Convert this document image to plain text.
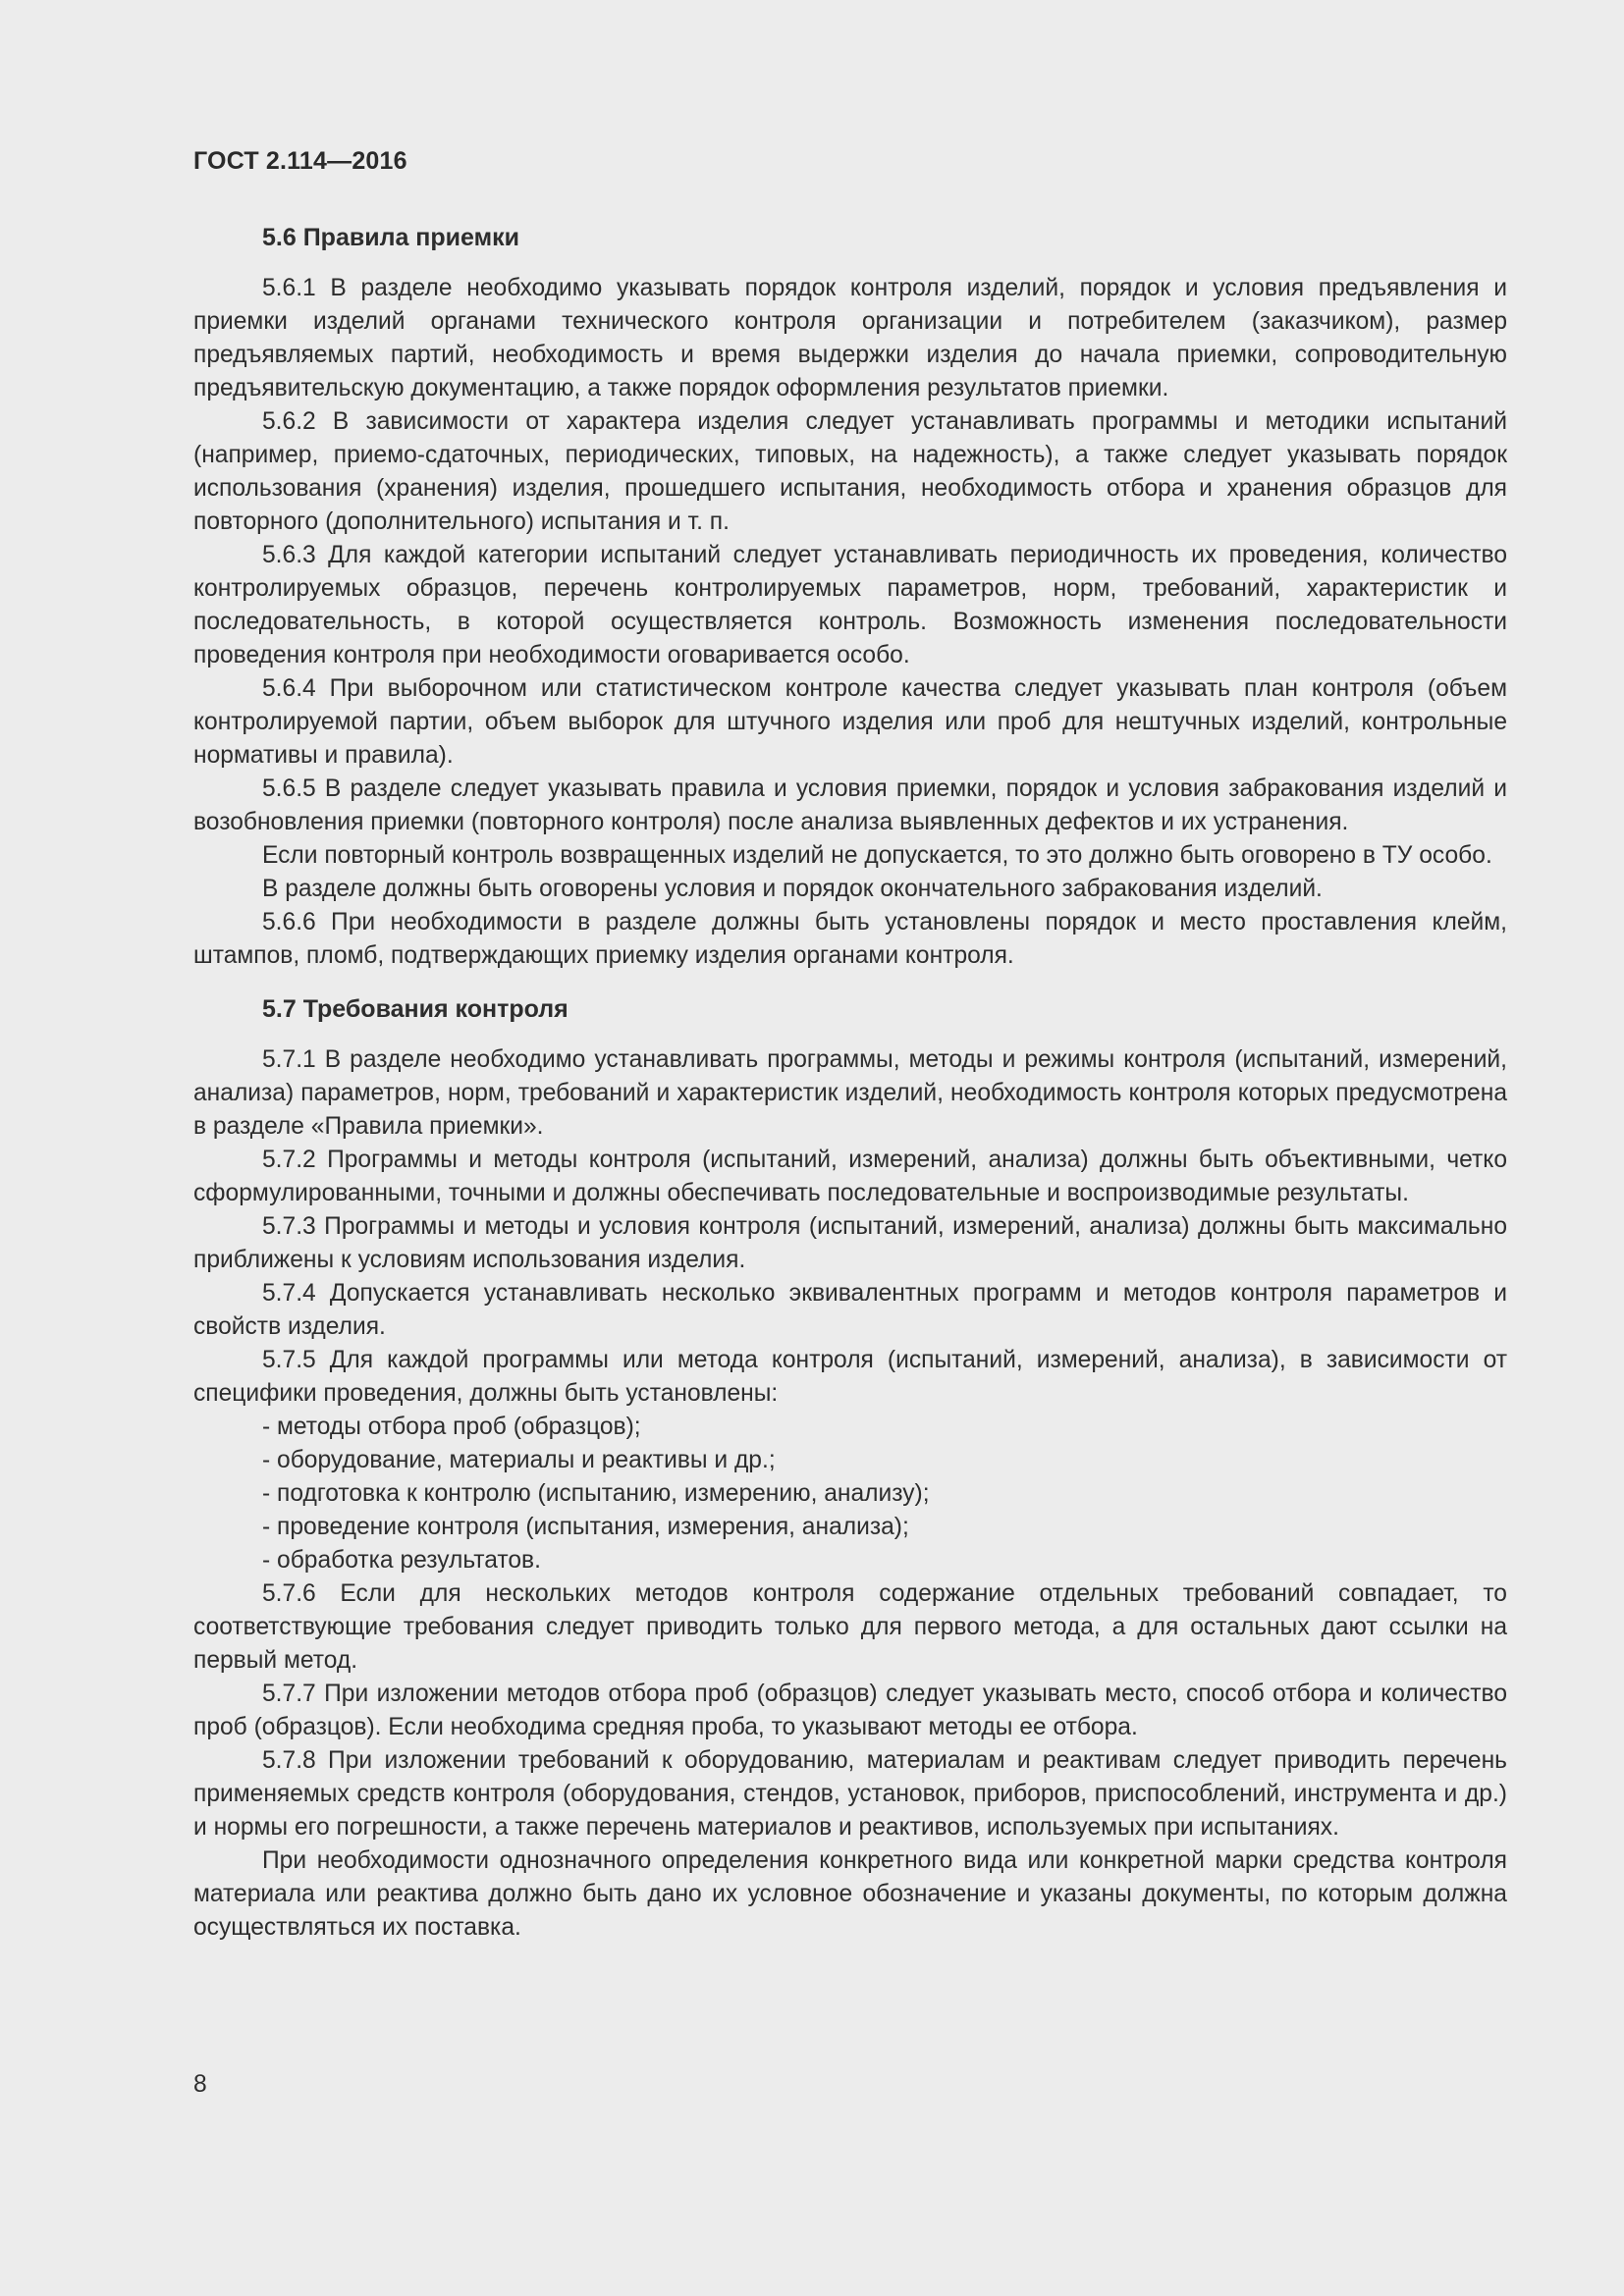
ГОСТ 2.114—2016

5.6 Правила приемки

5.6.1 В разделе необходимо указывать порядок контроля изделий, порядок и условия предъявления и приемки изделий органами технического контроля организации и потребителем (заказчиком), размер предъявляемых партий, необходимость и время выдержки изделия до начала приемки, сопроводительную предъявительскую документацию, а также порядок оформления результатов приемки.

5.6.2 В зависимости от характера изделия следует устанавливать программы и методики испытаний (например, приемо-сдаточных, периодических, типовых, на надежность), а также следует указывать порядок использования (хранения) изделия, прошедшего испытания, необходимость отбора и хранения образцов для повторного (дополнительного) испытания и т. п.

5.6.3 Для каждой категории испытаний следует устанавливать периодичность их проведения, количество контролируемых образцов, перечень контролируемых параметров, норм, требований, характеристик и последовательность, в которой осуществляется контроль. Возможность изменения последовательности проведения контроля при необходимости оговаривается особо.

5.6.4 При выборочном или статистическом контроле качества следует указывать план контроля (объем контролируемой партии, объем выборок для штучного изделия или проб для нештучных изделий, контрольные нормативы и правила).

5.6.5 В разделе следует указывать правила и условия приемки, порядок и условия забракования изделий и возобновления приемки (повторного контроля) после анализа выявленных дефектов и их устранения.

Если повторный контроль возвращенных изделий не допускается, то это должно быть оговорено в ТУ особо.

В разделе должны быть оговорены условия и порядок окончательного забракования изделий.

5.6.6 При необходимости в разделе должны быть установлены порядок и место проставления клейм, штампов, пломб, подтверждающих приемку изделия органами контроля.

5.7 Требования контроля

5.7.1 В разделе необходимо устанавливать программы, методы и режимы контроля (испытаний, измерений, анализа) параметров, норм, требований и характеристик изделий, необходимость контроля которых предусмотрена в разделе «Правила приемки».

5.7.2 Программы и методы контроля (испытаний, измерений, анализа) должны быть объективными, четко сформулированными, точными и должны обеспечивать последовательные и воспроизводимые результаты.

5.7.3 Программы и методы и условия контроля (испытаний, измерений, анализа) должны быть максимально приближены к условиям использования изделия.

5.7.4 Допускается устанавливать несколько эквивалентных программ и методов контроля параметров и свойств изделия.

5.7.5 Для каждой программы или метода контроля (испытаний, измерений, анализа), в зависимости от специфики проведения, должны быть установлены:

- методы отбора проб (образцов);

- оборудование, материалы и реактивы и др.;

- подготовка к контролю (испытанию, измерению, анализу);

- проведение контроля (испытания, измерения, анализа);

- обработка результатов.

5.7.6 Если для нескольких методов контроля содержание отдельных требований совпадает, то соответствующие требования следует приводить только для первого метода, а для остальных дают ссылки на первый метод.

5.7.7 При изложении методов отбора проб (образцов) следует указывать место, способ отбора и количество проб (образцов). Если необходима средняя проба, то указывают методы ее отбора.

5.7.8 При изложении требований к оборудованию, материалам и реактивам следует приводить перечень применяемых средств контроля (оборудования, стендов, установок, приборов, приспособлений, инструмента и др.) и нормы его погрешности, а также перечень материалов и реактивов, используемых при испытаниях.

При необходимости однозначного определения конкретного вида или конкретной марки средства контроля материала или реактива должно быть дано их условное обозначение и указаны документы, по которым должна осуществляться их поставка.

8
